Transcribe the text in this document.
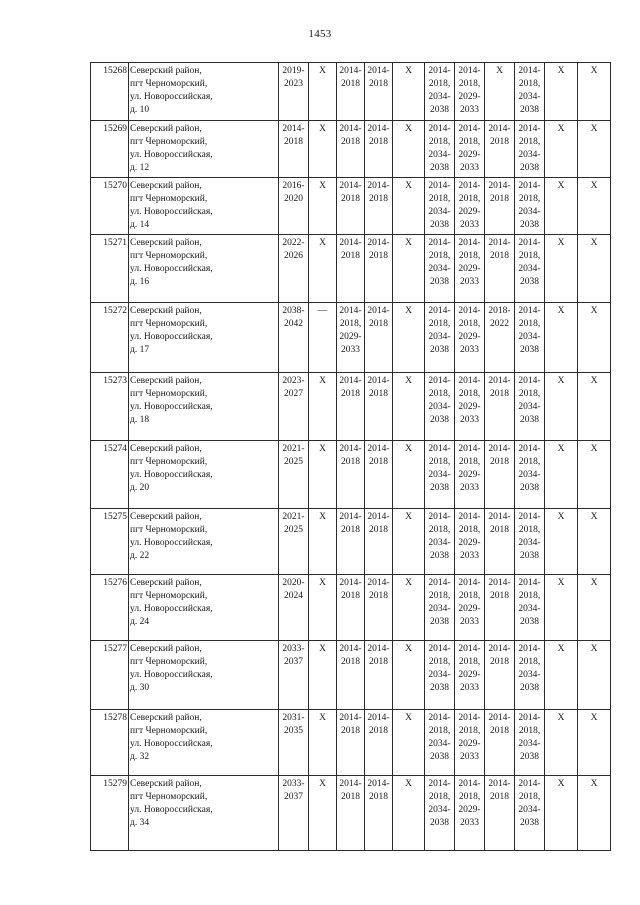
1453
15268	Северский район,
пгт Черноморский,
ул. Новороссийская,
д. 10	2019-
2023	Х	2014-
2018	2014-
2018	Х	2014-
2018,
2034-
2038	2014-
2018,
2029-
2033	Х	2014-
2018,
2034-
2038	Х	Х

15269	Северский район,
пгт Черноморский,
ул. Новороссийская,
д. 12	2014-
2018	Х	2014-
2018	2014-
2018	Х	2014-
2018,
2034-
2038	2014-
2018,
2029-
2033	2014-
2018	2014-
2018,
2034-
2038	Х	Х

15270	Северский район,
пгт Черноморский,
ул. Новороссийская,
д. 14	2016-
2020	Х	2014-
2018	2014-
2018	Х	2014-
2018,
2034-
2038	2014-
2018,
2029-
2033	2014-
2018	2014-
2018,
2034-
2038	Х	Х

15271	Северский район,
пгт Черноморский,
ул. Новороссийская,
д. 16	2022-
2026	Х	2014-
2018	2014-
2018	Х	2014-
2018,
2034-
2038	2014-
2018,
2029-
2033	2014-
2018	2014-
2018,
2034-
2038	Х	Х

15272	Северский район,
пгт Черноморский,
ул. Новороссийская,
д. 17	2038-
2042	—	2014-
2018,
2029-
2033	2014-
2018	Х	2014-
2018,
2034-
2038	2014-
2018,
2029-
2033	2018-
2022	2014-
2018,
2034-
2038	Х	Х

15273	Северский район,
пгт Черноморский,
ул. Новороссийская,
д. 18	2023-
2027	Х	2014-
2018	2014-
2018	Х	2014-
2018,
2034-
2038	2014-
2018,
2029-
2033	2014-
2018	2014-
2018,
2034-
2038	Х	Х

15274	Северский район,
пгт Черноморский,
ул. Новороссийская,
д. 20	2021-
2025	Х	2014-
2018	2014-
2018	Х	2014-
2018,
2034-
2038	2014-
2018,
2029-
2033	2014-
2018	2014-
2018,
2034-
2038	Х	Х

15275	Северский район,
пгт Черноморский,
ул. Новороссийская,
д. 22	2021-
2025	Х	2014-
2018	2014-
2018	Х	2014-
2018,
2034-
2038	2014-
2018,
2029-
2033	2014-
2018	2014-
2018,
2034-
2038	Х	Х

15276	Северский район,
пгт Черноморский,
ул. Новороссийская,
д. 24	2020-
2024	Х	2014-
2018	2014-
2018	Х	2014-
2018,
2034-
2038	2014-
2018,
2029-
2033	2014-
2018	2014-
2018,
2034-
2038	Х	Х

15277	Северский район,
пгт Черноморский,
ул. Новороссийская,
д. 30	2033-
2037	Х	2014-
2018	2014-
2018	Х	2014-
2018,
2034-
2038	2014-
2018,
2029-
2033	2014-
2018	2014-
2018,
2034-
2038	Х	Х

15278	Северский район,
пгт Черноморский,
ул. Новороссийская,
д. 32	2031-
2035	Х	2014-
2018	2014-
2018	Х	2014-
2018,
2034-
2038	2014-
2018,
2029-
2033	2014-
2018	2014-
2018,
2034-
2038	Х	Х

15279	Северский район,
пгт Черноморский,
ул. Новороссийская,
д. 34	2033-
2037	Х	2014-
2018	2014-
2018	Х	2014-
2018,
2034-
2038	2014-
2018,
2029-
2033	2014-
2018	2014-
2018,
2034-
2038	Х	Х
